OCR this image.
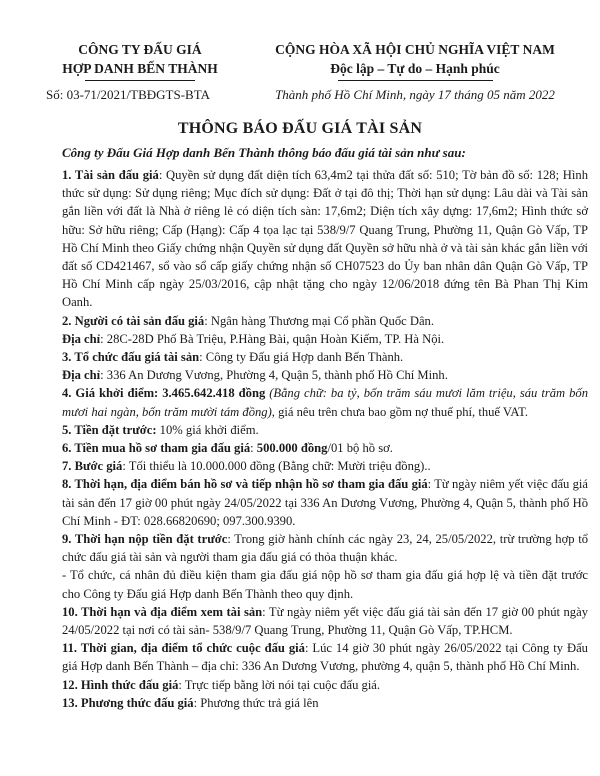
CÔNG TY ĐẤU GIÁ
HỢP DANH BẾN THÀNH
Số: 03-71/2021/TBĐGTS-BTA
CỘNG HÒA XÃ HỘI CHỦ NGHĨA VIỆT NAM
Độc lập – Tự do – Hạnh phúc
Thành phố Hồ Chí Minh, ngày 17 tháng 05 năm 2022
THÔNG BÁO ĐẤU GIÁ TÀI SẢN
Công ty Đấu Giá Hợp danh Bến Thành thông báo đấu giá tài sản như sau:

1. Tài sản đấu giá: Quyền sử dụng đất diện tích 63,4m2 tại thửa đất số: 510; Tờ bản đồ số: 128; Hình thức sử dụng: Sử dụng riêng; Mục đích sử dụng: Đất ở tại đô thị; Thời hạn sử dụng: Lâu dài và Tài sản gắn liền với đất là Nhà ở riêng lẻ có diện tích sàn: 17,6m2; Diện tích xây dựng: 17,6m2; Hình thức sở hữu: Sở hữu riêng; Cấp (Hạng): Cấp 4 tọa lạc tại 538/9/7 Quang Trung, Phường 11, Quận Gò Vấp, TP Hồ Chí Minh theo Giấy chứng nhận Quyền sử dụng đất Quyền sở hữu nhà ở và tài sản khác gắn liền với đất số CD421467, sổ vào sổ cấp giấy chứng nhận số CH07523 do Ủy ban nhân dân Quận Gò Vấp, TP Hồ Chí Minh cấp ngày 25/03/2016, cập nhật tặng cho ngày 12/06/2018 đứng tên Bà Phan Thị Kim Oanh.

2. Người có tài sản đấu giá: Ngân hàng Thương mại Cổ phần Quốc Dân.

Địa chỉ: 28C-28D Phố Bà Triệu, P.Hàng Bài, quận Hoàn Kiếm, TP. Hà Nội.

3. Tổ chức đấu giá tài sản: Công ty Đấu giá Hợp danh Bến Thành.

Địa chỉ: 336 An Dương Vương, Phường 4, Quận 5, thành phố Hồ Chí Minh.

4. Giá khởi điểm: 3.465.642.418 đồng (Bằng chữ: ba tỷ, bốn trăm sáu mươi lăm triệu, sáu trăm bốn mươi hai ngàn, bốn trăm mười tám đồng), giá nêu trên chưa bao gồm nợ thuế phí, thuế VAT.

5. Tiền đặt trước: 10% giá khởi điểm.

6. Tiền mua hồ sơ tham gia đấu giá: 500.000 đồng/01 bộ hồ sơ.

7. Bước giá: Tối thiểu là 10.000.000 đồng (Bằng chữ: Mười triệu đồng)..

8. Thời hạn, địa điểm bán hồ sơ và tiếp nhận hồ sơ tham gia đấu giá: Từ ngày niêm yết việc đấu giá tài sản đến 17 giờ 00 phút ngày 24/05/2022 tại 336 An Dương Vương, Phường 4, Quận 5, thành phố Hồ Chí Minh - ĐT: 028.66820690; 097.300.9390.

9. Thời hạn nộp tiền đặt trước: Trong giờ hành chính các ngày 23, 24, 25/05/2022, trừ trường hợp tổ chức đấu giá tài sản và người tham gia đấu giá có thỏa thuận khác.

- Tổ chức, cá nhân đủ điều kiện tham gia đấu giá nộp hồ sơ tham gia đấu giá hợp lệ và tiền đặt trước cho Công ty Đấu giá Hợp danh Bến Thành theo quy định.

10. Thời hạn và địa điểm xem tài sản: Từ ngày niêm yết việc đấu giá tài sản đến 17 giờ 00 phút ngày 24/05/2022 tại nơi có tài sản- 538/9/7 Quang Trung, Phường 11, Quận Gò Vấp, TP.HCM.

11. Thời gian, địa điểm tổ chức cuộc đấu giá: Lúc 14 giờ 30 phút ngày 26/05/2022 tại Công ty Đấu giá Hợp danh Bến Thành – địa chỉ: 336 An Dương Vương, phường 4, quận 5, thành phố Hồ Chí Minh.

12. Hình thức đấu giá: Trực tiếp bằng lời nói tại cuộc đấu giá.

13. Phương thức đấu giá: Phương thức trả giá lên
